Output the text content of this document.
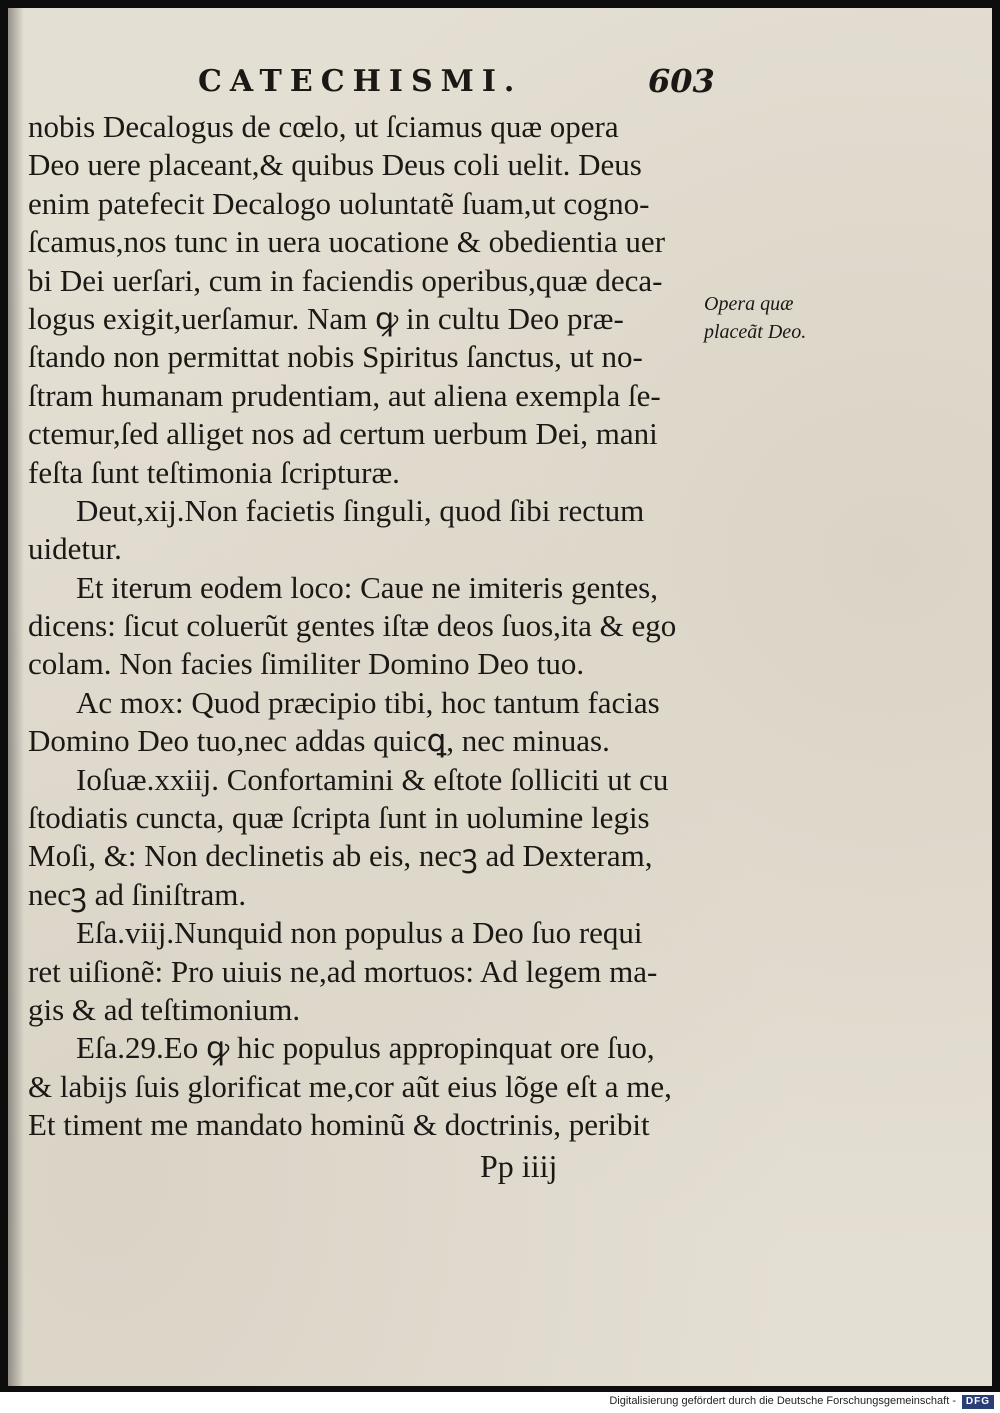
CATECHISMI.	603
nobis Decalogus de cœlo, ut ſciamus quæ opera
Deo uere placeant,& quibus Deus coli uelit. Deus
enim patefecit Decalogo uoluntatẽ ſuam,ut cogno-
ſcamus,nos tunc in uera uocatione & obedientia uer
bi Dei uerſari, cum in faciendis operibus,quæ deca-
logus exigit,uerſamur. Nam ꝙ in cultu Deo præ-
ſtando non permittat nobis Spiritus ſanctus, ut no-
ſtram humanam prudentiam, aut aliena exempla ſe-
ctemur,ſed alliget nos ad certum uerbum Dei, mani
feſta ſunt teſtimonia ſcripturæ.
Deut,xij.Non facietis ſinguli, quod ſibi rectum
uidetur.
Et iterum eodem loco: Caue ne imiteris gentes,
dicens: ſicut coluerũt gentes iſtæ deos ſuos,ita & ego
colam. Non facies ſimiliter Domino Deo tuo.
Ac mox: Quod præcipio tibi, hoc tantum facias
Domino Deo tuo,nec addas quicꝗ, nec minuas.
Ioſuæ.xxiij. Confortamini & eſtote ſolliciti ut cu
ſtodiatis cuncta, quæ ſcripta ſunt in uolumine legis
Moſi, &: Non declinetis ab eis, necꝫ ad Dexteram,
necꝫ ad ſiniſtram.
Eſa.viij.Nunquid non populus a Deo ſuo requi
ret uiſionẽ: Pro uiuis ne,ad mortuos: Ad legem ma-
gis & ad teſtimonium.
Eſa.29.Eo ꝙ hic populus appropinquat ore ſuo,
& labijs ſuis glorificat me,cor aũt eius lõge eſt a me,
Et timent me mandato hominũ & doctrinis, peribit
Opera quæ
placeãt Deo.
Pp iiij
Digitalisierung gefördert durch die Deutsche Forschungsgemeinschaft - DFG
